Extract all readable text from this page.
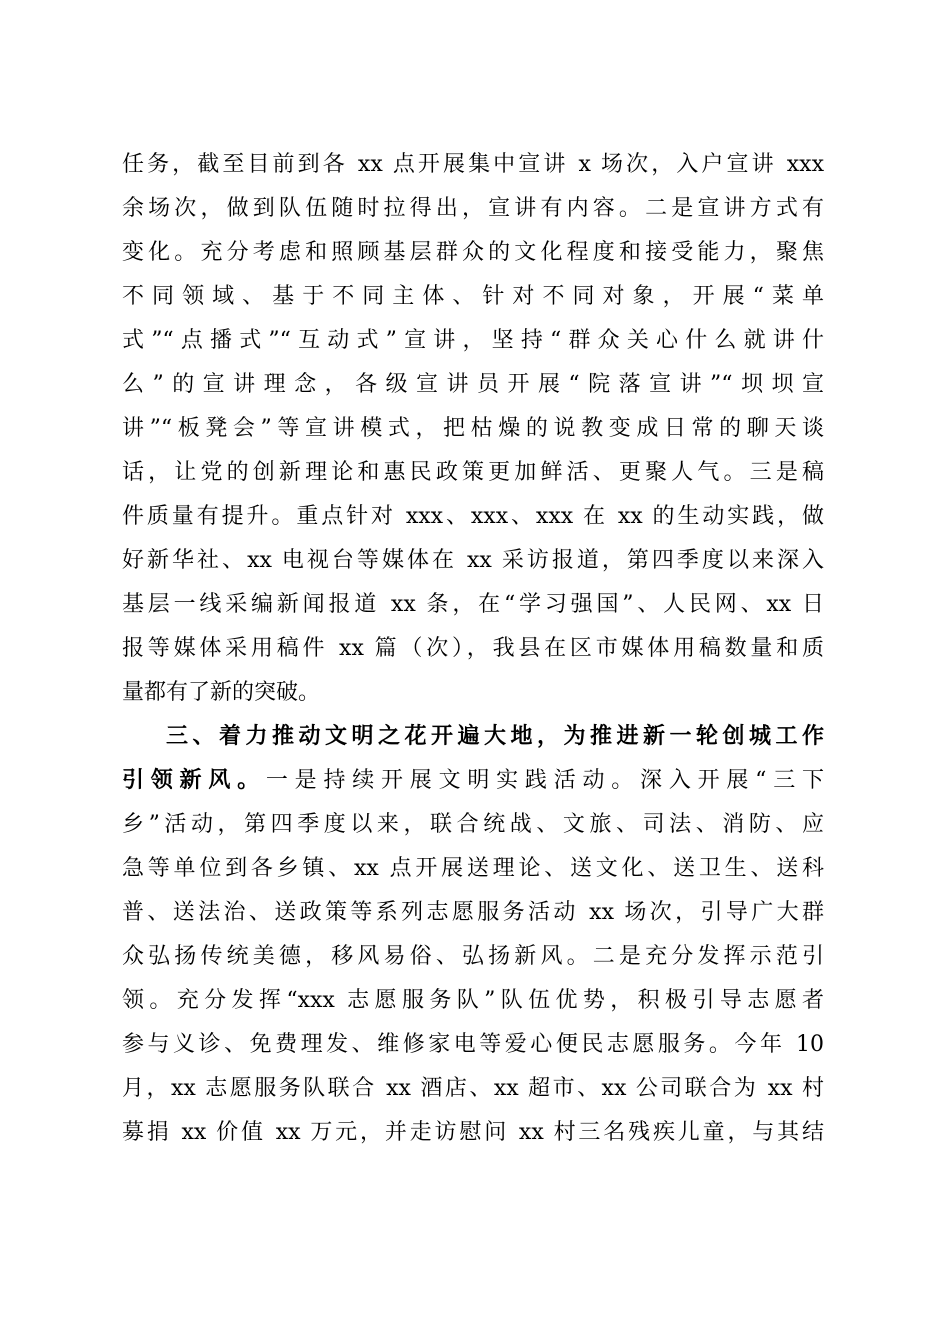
任务，截至目前到各 xx 点开展集中宣讲 x 场次，入户宣讲 xxx
余场次，做到队伍随时拉得出，宣讲有内容。二是宣讲方式有
变化。充分考虑和照顾基层群众的文化程度和接受能力，聚焦
不同领域、基于不同主体、针对不同对象，开展“菜单
式”“点播式”“互动式”宣讲，坚持“群众关心什么就讲什
么”的宣讲理念，各级宣讲员开展“院落宣讲”“坝坝宣
讲”“板凳会”等宣讲模式，把枯燥的说教变成日常的聊天谈
话，让党的创新理论和惠民政策更加鲜活、更聚人气。三是稿
件质量有提升。重点针对 xxx、xxx、xxx 在 xx 的生动实践，做
好新华社、xx 电视台等媒体在 xx 采访报道，第四季度以来深入
基层一线采编新闻报道 xx 条，在“学习强国”、人民网、xx 日
报等媒体采用稿件 xx 篇（次），我县在区市媒体用稿数量和质
量都有了新的突破。
三、着力推动文明之花开遍大地，为推进新一轮创城工作
引领新风。一是持续开展文明实践活动。深入开展“三下
乡”活动，第四季度以来，联合统战、文旅、司法、消防、应
急等单位到各乡镇、xx 点开展送理论、送文化、送卫生、送科
普、送法治、送政策等系列志愿服务活动 xx 场次，引导广大群
众弘扬传统美德，移风易俗、弘扬新风。二是充分发挥示范引
领。充分发挥“xxx 志愿服务队”队伍优势，积极引导志愿者
参与义诊、免费理发、维修家电等爱心便民志愿服务。今年 10
月，xx 志愿服务队联合 xx 酒店、xx 超市、xx 公司联合为 xx 村
募捐 xx 价值 xx 万元，并走访慰问 xx 村三名残疾儿童，与其结
